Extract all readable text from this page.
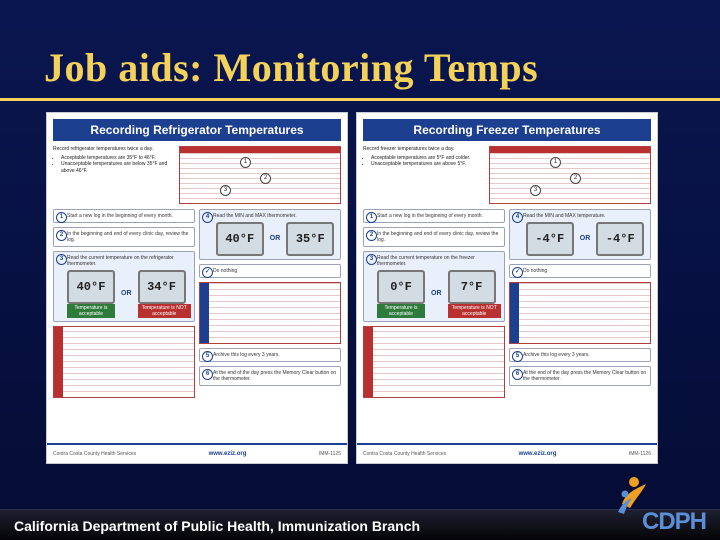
Job aids: Monitoring Temps
Recording Refrigerator Temperatures

Record refrigerator temperatures twice a day.

• Acceptable temperatures are 35°F to 46°F.
• Unacceptable temperatures are below 35°F and above 46°F.
1
2
3
1 Start a new log in the beginning of every month.
2 In the beginning and end of every clinic day, review the log.
3 Read the current temperature on the refrigerator thermometer.
40°F
Temperature is acceptable
OR	34°F
Temperature is NOT acceptable
4 Read the MIN and MAX thermometer.
40°F	OR	35°F
✓ Do nothing
5 Archive this log every 3 years.
6 At the end of the day press the Memory Clear button on the thermometer.
Contra Costa County Health Services	www.eziz.org	IMM-1125
Recording Freezer Temperatures

Record freezer temperatures twice a day.

• Acceptable temperatures are 5°F and colder.
• Unacceptable temperatures are above 5°F.	1
2
3
1 Start a new log in the beginning of every month.
2 In the beginning and end of every clinic day, review the log.
3 Read the current temperature on the freezer thermometer.
0°F
Temperature is acceptable
OR	7°F
Temperature is NOT acceptable
4 Read the MIN and MAX temperature.
-4°F	OR	-4°F
✓ Do nothing
5 Archive this log every 3 years.
6 At the end of the day press the Memory Clear button on the thermometer.
Contra Costa County Health Services	www.eziz.org	IMM-1126
California Department of Public Health, Immunization Branch	CDPH
